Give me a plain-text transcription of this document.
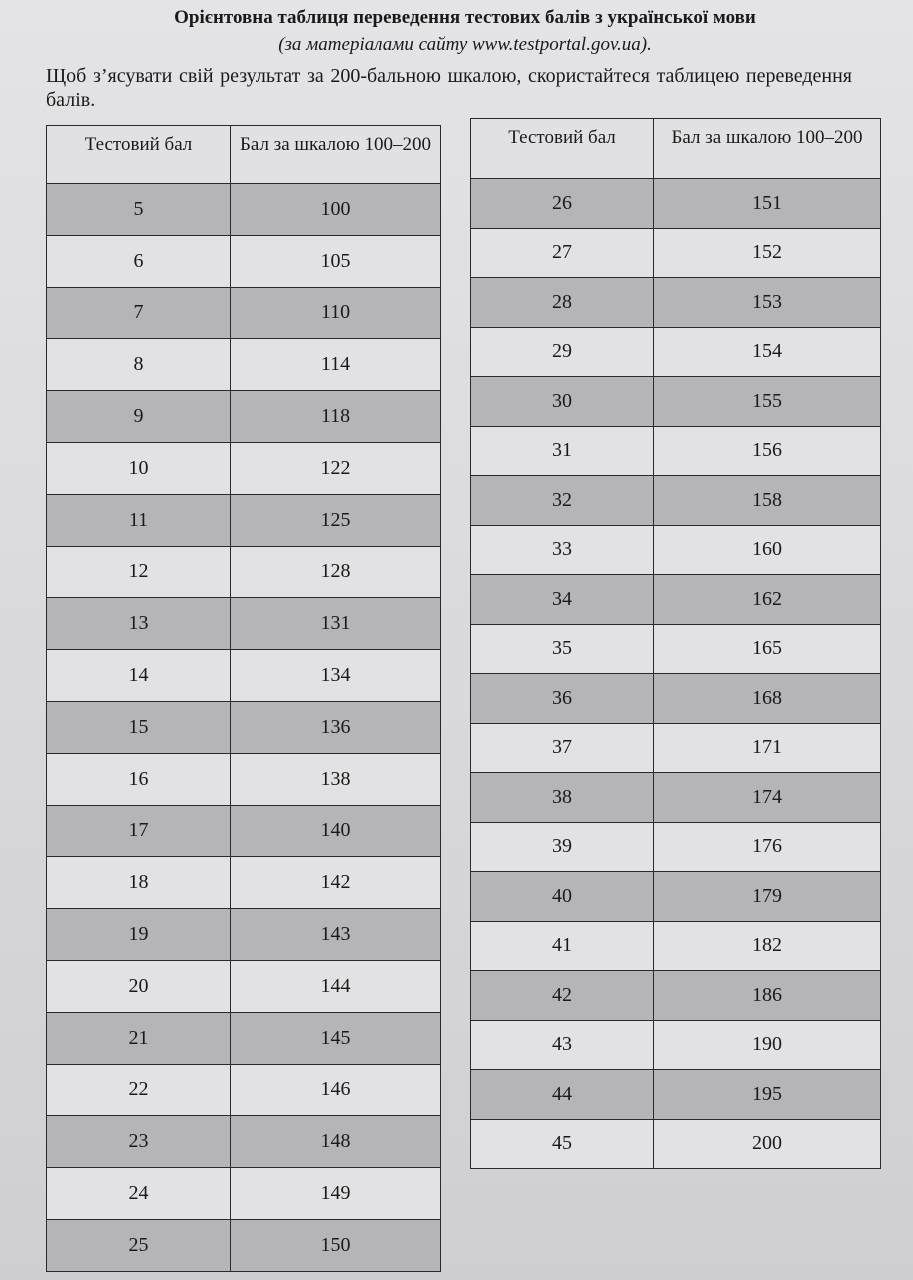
Орієнтовна таблиця переведення тестових балів з української мови
(за матеріалами сайту www.testportal.gov.ua).
Щоб з’ясувати свій результат за 200-бальною шкалою, скористайтеся таблицею переведення балів.
Тестовий бал	Бал за шкалою 100–200
5	100
6	105
7	110
8	114
9	118
10	122
11	125
12	128
13	131
14	134
15	136
16	138
17	140
18	142
19	143
20	144
21	145
22	146
23	148
24	149
25	150
Тестовий бал	Бал за шкалою 100–200
26	151
27	152
28	153
29	154
30	155
31	156
32	158
33	160
34	162
35	165
36	168
37	171
38	174
39	176
40	179
41	182
42	186
43	190
44	195
45	200
